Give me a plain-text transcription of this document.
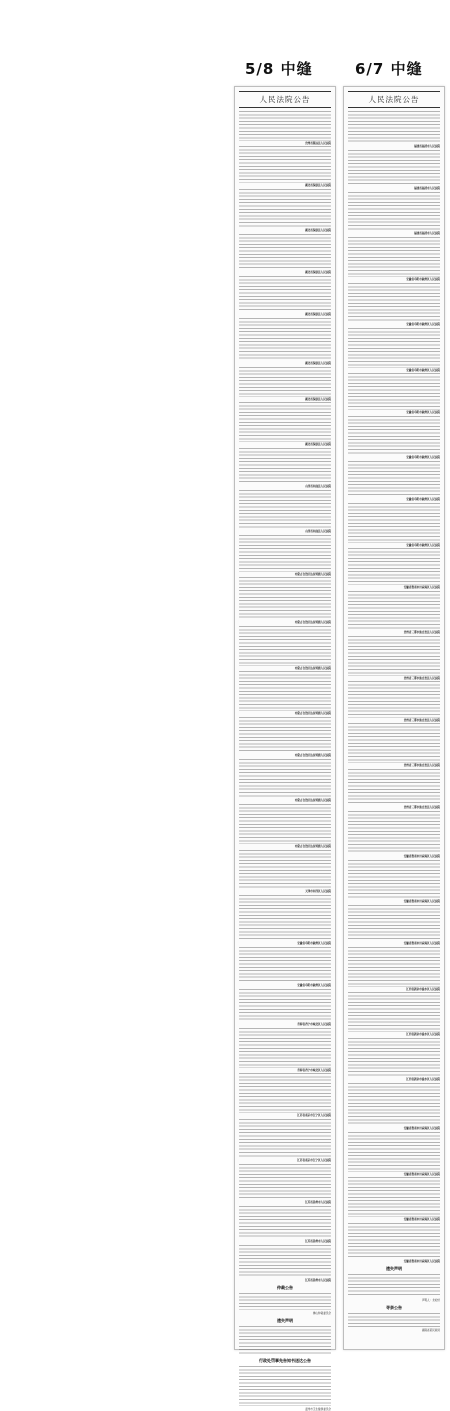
5/8 中缝	6/7 中缝
人民法院公告
贵州省镇远县人民法院
湖北省保康县人民法院
湖北省保康县人民法院
湖北省保康县人民法院
湖北省保康县人民法院
湖北省保康县人民法院
湖北省保康县人民法院
湖北省保康县人民法院
山西省河曲县人民法院
山西省河曲县人民法院
内蒙古自治区达拉特旗人民法院
内蒙古自治区达拉特旗人民法院
内蒙古自治区达拉特旗人民法院
内蒙古自治区达拉特旗人民法院
内蒙古自治区达拉特旗人民法院
内蒙古自治区达拉特旗人民法院
内蒙古自治区达拉特旗人民法院
天津市河西区人民法院
安徽省阜阳市颍州区人民法院
安徽省阜阳市颍州区人民法院
青海省西宁市城北区人民法院
青海省西宁市城北区人民法院
江苏省南京市江宁区人民法院
江苏省南京市江宁区人民法院
江苏省扬州市人民法院
江苏省扬州市人民法院
江苏省扬州市人民法院
仲裁公告
佛山仲裁委员会
遗失声明
行政处罚事先告知书送达公告
温州市卫生健康委员会
人民法院公告
福建省福清市人民法院
福建省福清市人民法院
福建省福清市人民法院
安徽省阜阳市颍州区人民法院
安徽省阜阳市颍州区人民法院
安徽省阜阳市颍州区人民法院
安徽省阜阳市颍州区人民法院
安徽省阜阳市颍州区人民法院
安徽省阜阳市颍州区人民法院
安徽省阜阳市颍州区人民法院
安徽省淮南市田家庵区人民法院
贵州省三都水族自治县人民法院
贵州省三都水族自治县人民法院
贵州省三都水族自治县人民法院
贵州省三都水族自治县人民法院
贵州省三都水族自治县人民法院
安徽省淮南市田家庵区人民法院
安徽省淮南市田家庵区人民法院
安徽省淮南市田家庵区人民法院
江西省新余市渝水区人民法院
江西省新余市渝水区人民法院
江西省新余市渝水区人民法院
安徽省淮南市田家庵区人民法院
安徽省淮南市田家庵区人民法院
安徽省淮南市田家庵区人民法院
安徽省淮南市田家庵区人民法院
遗失声明
声明人：龙松轩
寻亲公告
湖南省某民政局
